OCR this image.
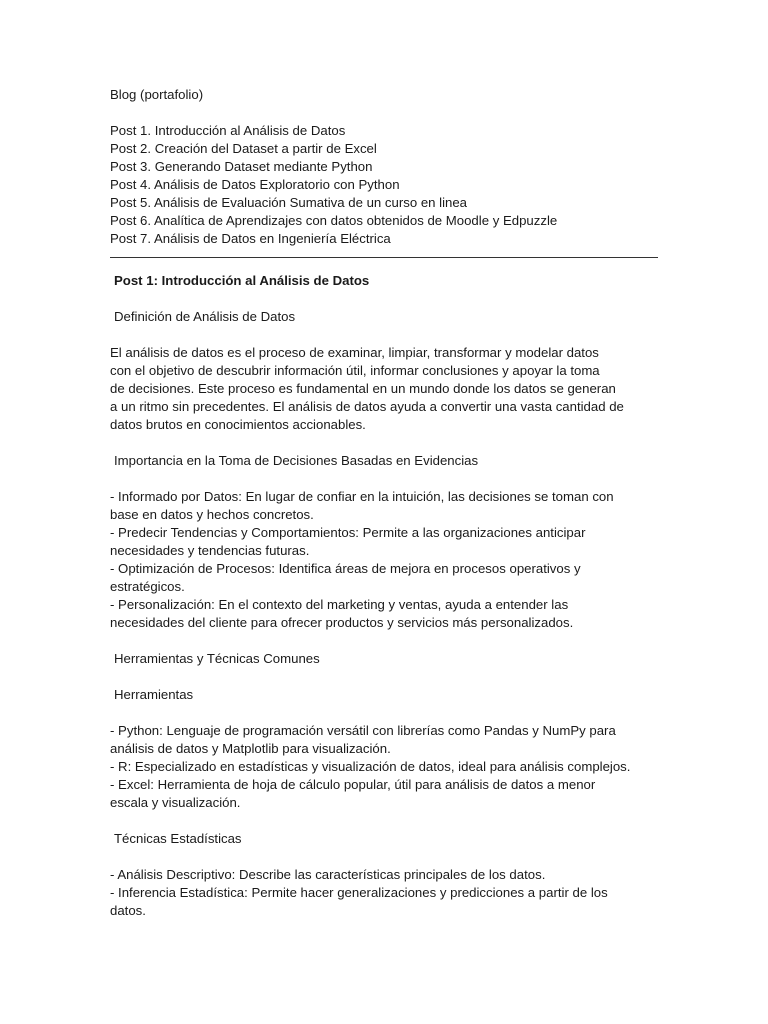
Blog (portafolio)
Post 1. Introducción al Análisis de Datos
Post 2. Creación del Dataset a partir de Excel
Post 3. Generando Dataset mediante Python
Post 4. Análisis de Datos Exploratorio con Python
Post 5. Análisis de Evaluación Sumativa de un curso en linea
Post 6. Analítica de Aprendizajes con datos obtenidos de Moodle y Edpuzzle
Post 7. Análisis de Datos en Ingeniería Eléctrica
Post 1: Introducción al Análisis de Datos
Definición de Análisis de Datos
El análisis de datos es el proceso de examinar, limpiar, transformar y modelar datos
con el objetivo de descubrir información útil, informar conclusiones y apoyar la toma
de decisiones. Este proceso es fundamental en un mundo donde los datos se generan
a un ritmo sin precedentes. El análisis de datos ayuda a convertir una vasta cantidad de
datos brutos en conocimientos accionables.
Importancia en la Toma de Decisiones Basadas en Evidencias
- Informado por Datos: En lugar de confiar en la intuición, las decisiones se toman con
base en datos y hechos concretos.
- Predecir Tendencias y Comportamientos: Permite a las organizaciones anticipar
necesidades y tendencias futuras.
- Optimización de Procesos: Identifica áreas de mejora en procesos operativos y
estratégicos.
- Personalización: En el contexto del marketing y ventas, ayuda a entender las
necesidades del cliente para ofrecer productos y servicios más personalizados.
Herramientas y Técnicas Comunes
Herramientas
- Python: Lenguaje de programación versátil con librerías como Pandas y NumPy para
análisis de datos y Matplotlib para visualización.
- R: Especializado en estadísticas y visualización de datos, ideal para análisis complejos.
- Excel: Herramienta de hoja de cálculo popular, útil para análisis de datos a menor
escala y visualización.
Técnicas Estadísticas
- Análisis Descriptivo: Describe las características principales de los datos.
- Inferencia Estadística: Permite hacer generalizaciones y predicciones a partir de los
datos.
